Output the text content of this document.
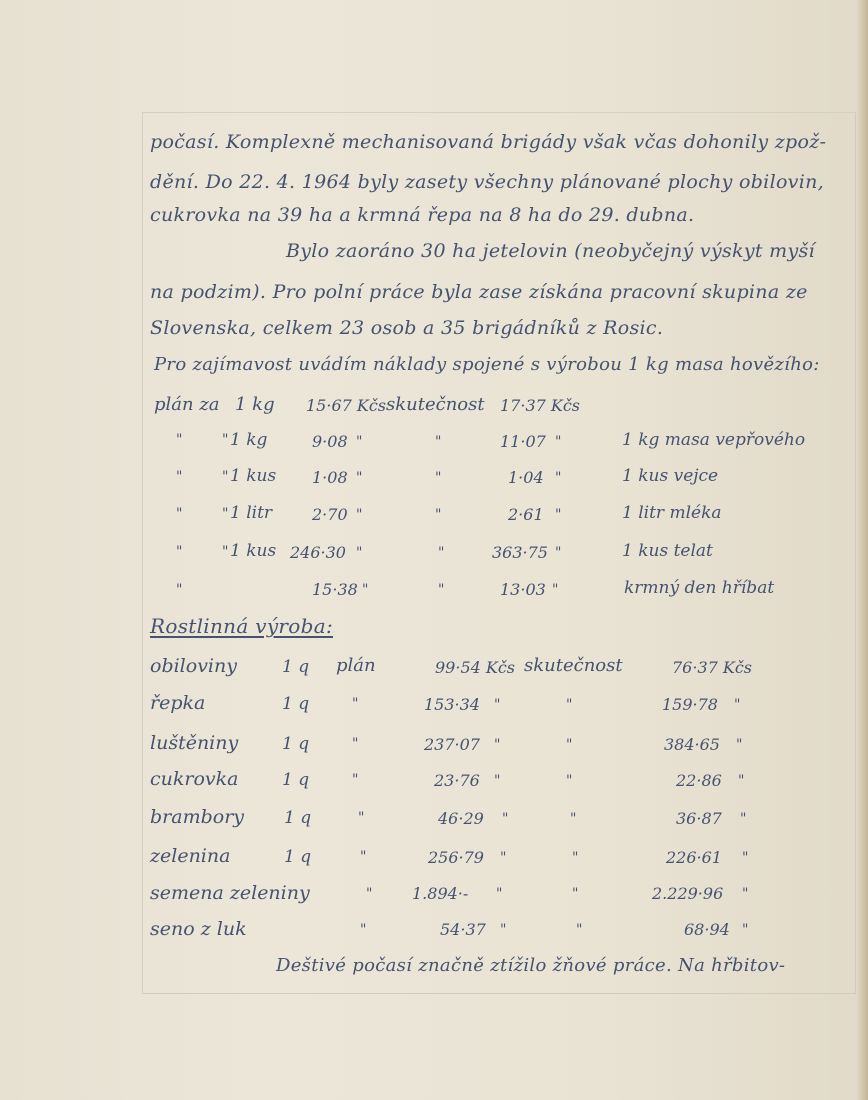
počasí. Komplexně mechanisovaná brigády však včas dohonily zpož-
dění. Do 22. 4. 1964 byly zasety všechny plánované plochy obilovin,
cukrovka na 39 ha a krmná řepa na 8 ha do 29. dubna.
Bylo zaoráno 30 ha jetelovin (neobyčejný výskyt myší
na podzim). Pro polní práce byla zase získána pracovní skupina ze
Slovenska, celkem 23 osob a 35 brigádníků z Rosic.
Pro zajímavost uvádím náklady spojené s výrobou 1 kg masa hovězího:
plán za 1 kg 15·67 Kčs skutečnost 17·37 Kčs
"	" 1 kg	9·08 "	"	11·07 "	1 kg masa vepřového
"	" 1 kus 1·08 "	"	1·04 "	1 kus vejce
"	" 1 litr 2·70 "	"	2·61 "	1 litr mléka
"	" 1 kus 246·30 "	"	363·75 "	1 kus telat
"	15·38 "	"	13·03 "	krmný den hříbat
Rostlinná výroba:
obiloviny	1 q plán	99·54 Kčs skutečnost	76·37 Kčs
řepka	1 q	"	153·34 "	"	159·78 "
luštěniny	1 q	"	237·07 "	"	384·65 "
cukrovka	1 q	"	23·76 "	"	22·86 "
brambory 1 q	"	46·29 "	"	36·87 "
zelenina	1 q	"	256·79 "	"	226·61 "
semena zeleniny	" 1.894·- "	"	2.229·96 "
seno z luk	"	54·37 "	"	68·94 "
Deštivé počasí značně ztížilo žňové práce. Na hřbitov-
